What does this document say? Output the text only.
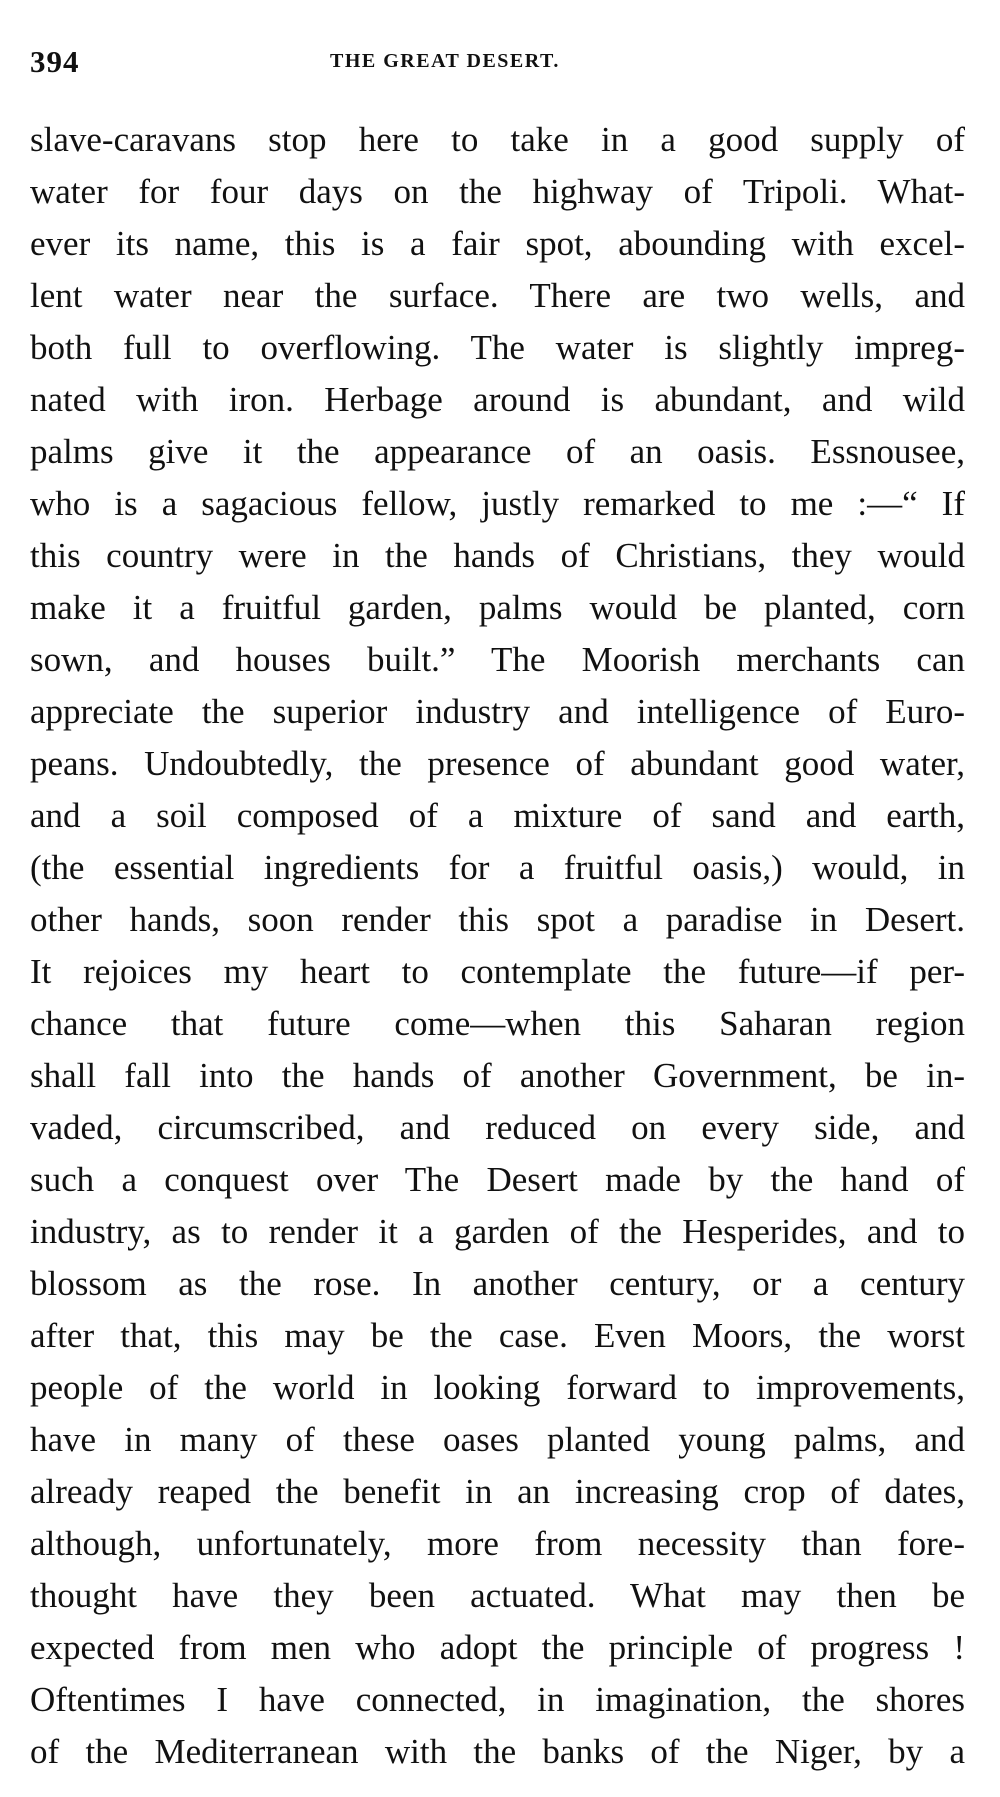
394	THE GREAT DESERT.
slave-caravans stop here to take in a good supply of
water for four days on the highway of Tripoli. What-
ever its name, this is a fair spot, abounding with excel-
lent water near the surface. There are two wells, and
both full to overflowing. The water is slightly impreg-
nated with iron. Herbage around is abundant, and wild
palms give it the appearance of an oasis. Essnousee,
who is a sagacious fellow, justly remarked to me :—“ If
this country were in the hands of Christians, they would
make it a fruitful garden, palms would be planted, corn
sown, and houses built.” The Moorish merchants can
appreciate the superior industry and intelligence of Euro-
peans. Undoubtedly, the presence of abundant good water,
and a soil composed of a mixture of sand and earth,
(the essential ingredients for a fruitful oasis,) would, in
other hands, soon render this spot a paradise in Desert.
It rejoices my heart to contemplate the future—if per-
chance that future come—when this Saharan region
shall fall into the hands of another Government, be in-
vaded, circumscribed, and reduced on every side, and
such a conquest over The Desert made by the hand of
industry, as to render it a garden of the Hesperides, and to
blossom as the rose. In another century, or a century
after that, this may be the case. Even Moors, the worst
people of the world in looking forward to improvements,
have in many of these oases planted young palms, and
already reaped the benefit in an increasing crop of dates,
although, unfortunately, more from necessity than fore-
thought have they been actuated. What may then be
expected from men who adopt the principle of progress !
Oftentimes I have connected, in imagination, the shores
of the Mediterranean with the banks of the Niger, by a
